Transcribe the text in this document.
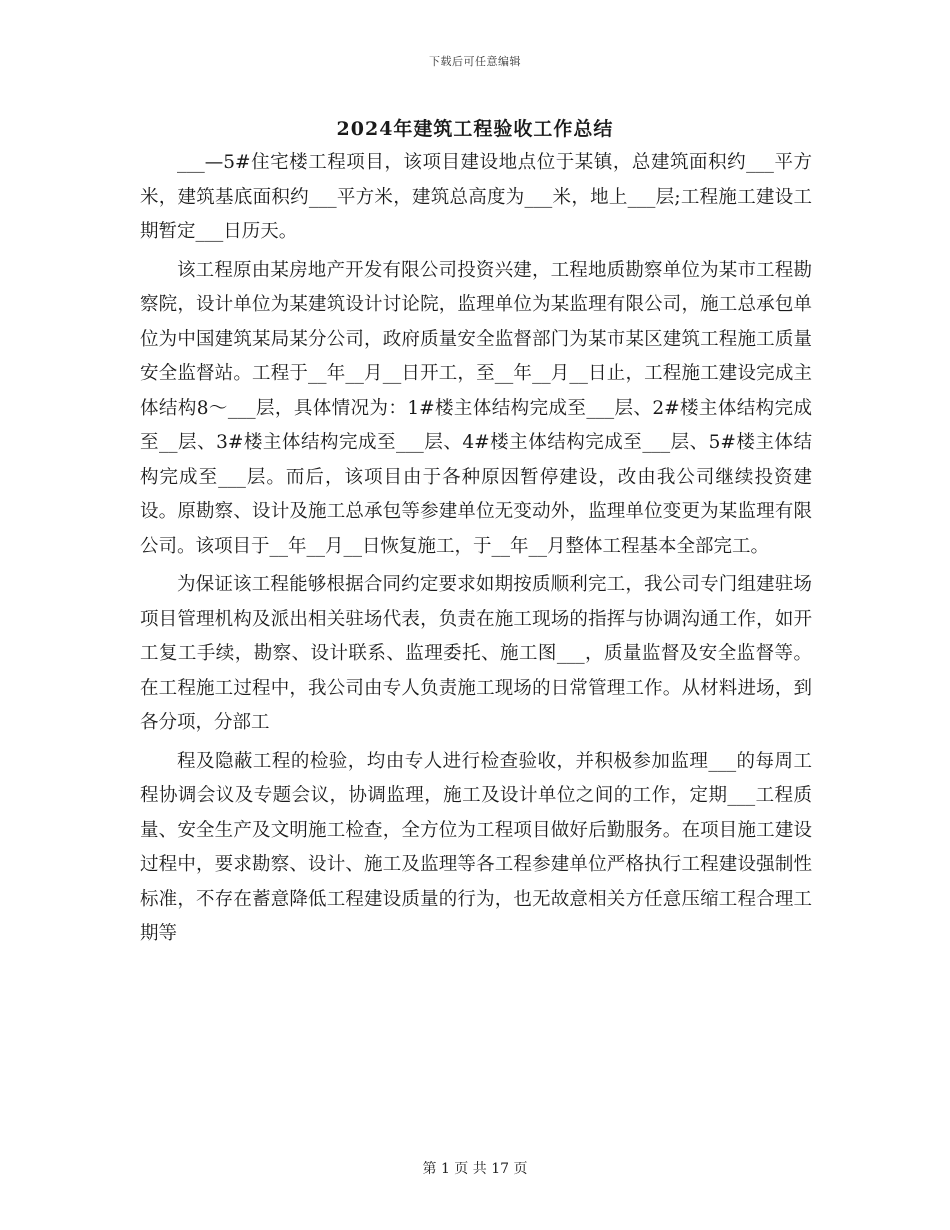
下载后可任意编辑
2024年建筑工程验收工作总结

___—5#住宅楼工程项目，该项目建设地点位于某镇，总建筑面积约___平方米，建筑基底面积约___平方米，建筑总高度为___米，地上___层;工程施工建设工期暂定___日历天。

该工程原由某房地产开发有限公司投资兴建，工程地质勘察单位为某市工程勘察院，设计单位为某建筑设计讨论院，监理单位为某监理有限公司，施工总承包单位为中国建筑某局某分公司，政府质量安全监督部门为某市某区建筑工程施工质量安全监督站。工程于__年__月__日开工，至__年__月__日止，工程施工建设完成主体结构8～___层，具体情况为：1#楼主体结构完成至___层、2#楼主体结构完成至__层、3#楼主体结构完成至___层、4#楼主体结构完成至___层、5#楼主体结构完成至___层。而后，该项目由于各种原因暂停建设，改由我公司继续投资建设。原勘察、设计及施工总承包等参建单位无变动外，监理单位变更为某监理有限公司。该项目于__年__月__日恢复施工，于__年__月整体工程基本全部完工。

为保证该工程能够根据合同约定要求如期按质顺利完工，我公司专门组建驻场项目管理机构及派出相关驻场代表，负责在施工现场的指挥与协调沟通工作，如开工复工手续，勘察、设计联系、监理委托、施工图___，质量监督及安全监督等。在工程施工过程中，我公司由专人负责施工现场的日常管理工作。从材料进场，到各分项，分部工

程及隐蔽工程的检验，均由专人进行检查验收，并积极参加监理___的每周工程协调会议及专题会议，协调监理，施工及设计单位之间的工作，定期___工程质量、安全生产及文明施工检查，全方位为工程项目做好后勤服务。在项目施工建设过程中，要求勘察、设计、施工及监理等各工程参建单位严格执行工程建设强制性标准，不存在蓄意降低工程建设质量的行为，也无故意相关方任意压缩工程合理工期等

第 1 页 共 17 页
